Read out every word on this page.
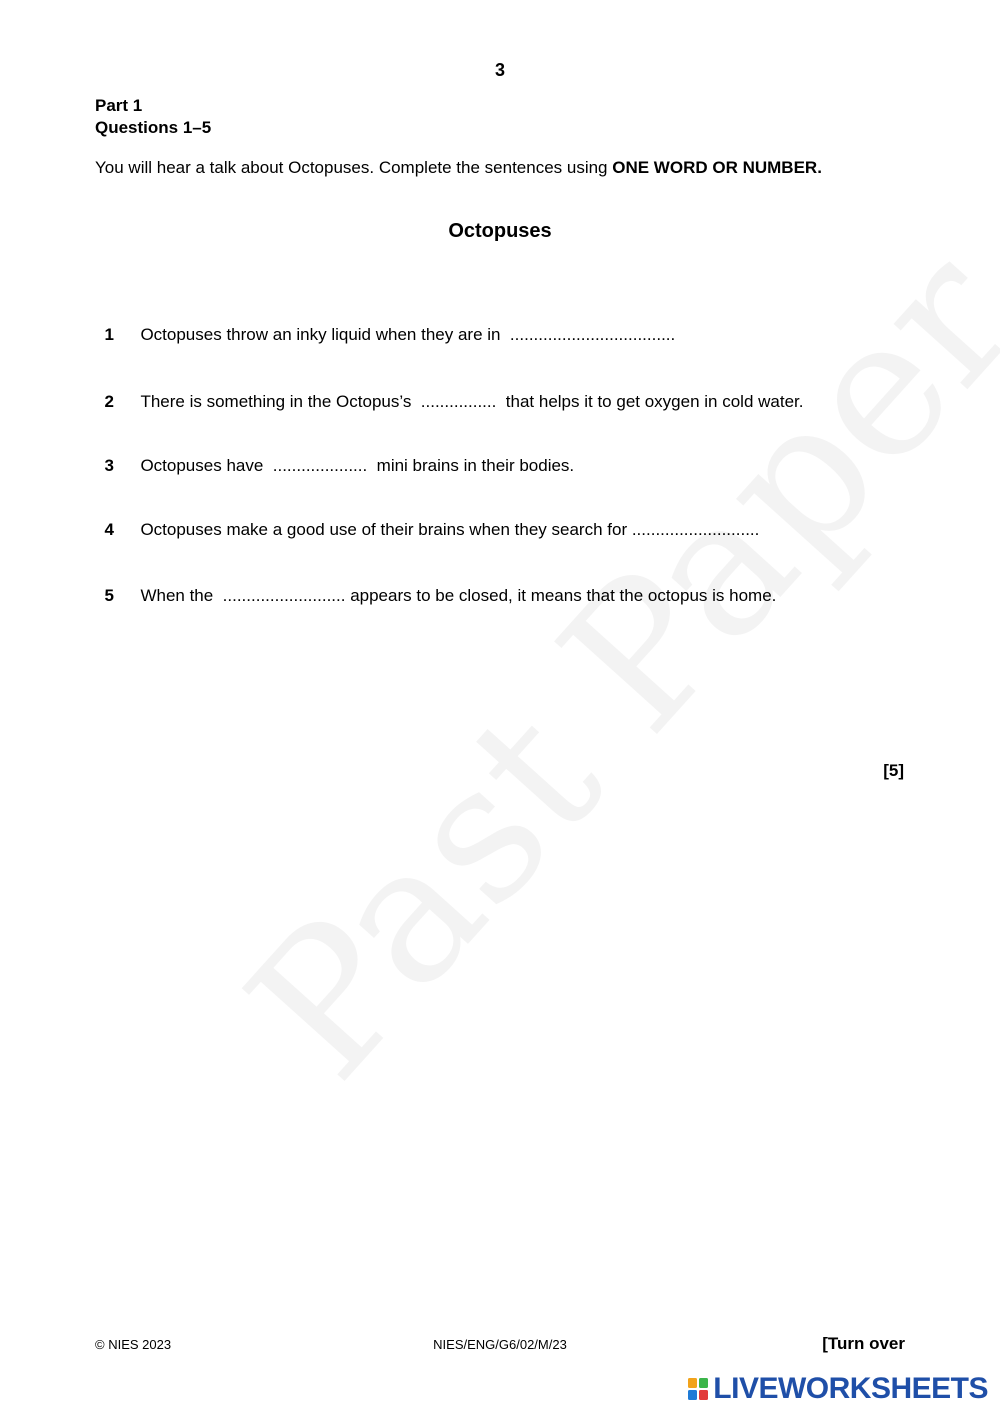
3
Part 1
Questions 1–5
You will hear a talk about Octopuses. Complete the sentences using ONE WORD OR NUMBER.
Octopuses

1 Octopuses throw an inky liquid when they are in  ...................................

2 There is something in the Octopus’s  ................  that helps it to get oxygen in cold water.

3 Octopuses have  ....................  mini brains in their bodies.

4 Octopuses make a good use of their brains when they search for ...........................

5 When the  .......................... appears to be closed, it means that the octopus is home.

[5]
© NIES 2023	NIES/ENG/G6/02/M/23	[Turn over
LIVEWORKSHEETS
